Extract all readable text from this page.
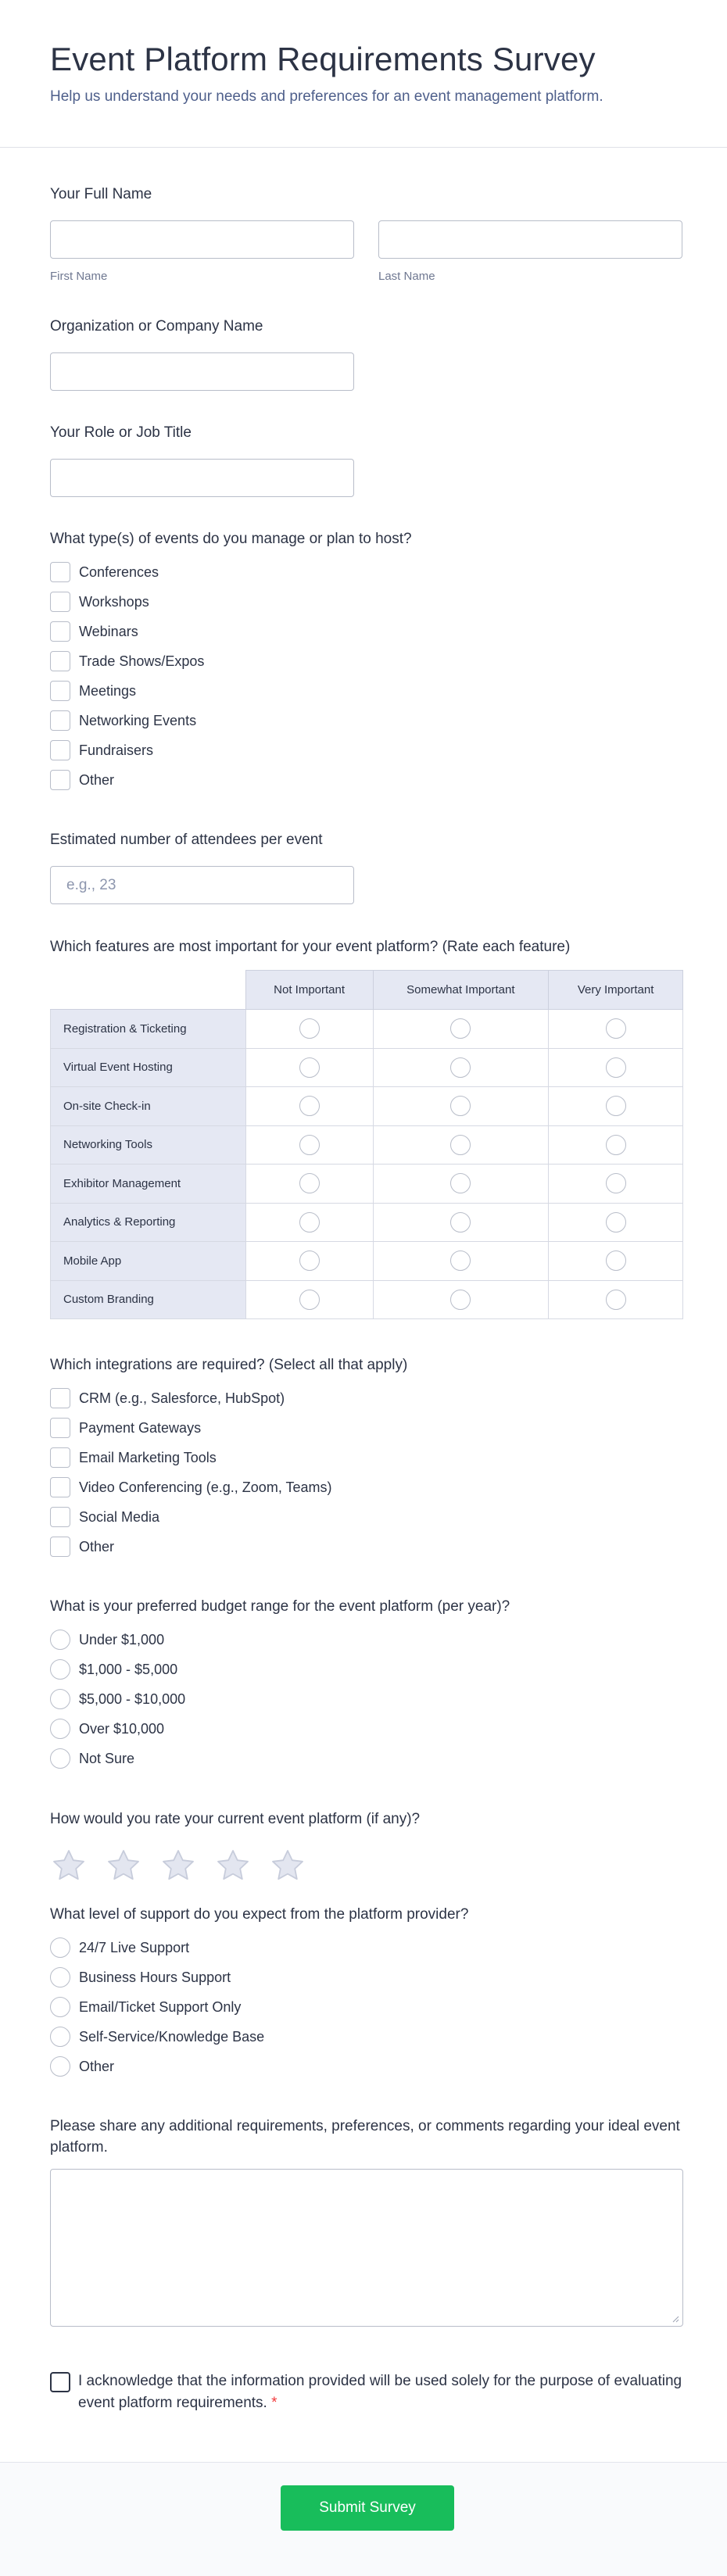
Event Platform Requirements Survey

Help us understand your needs and preferences for an event management platform.

Your Full Name
First Name	Last Name
Organization or Company Name
Your Role or Job Title
What type(s) of events do you manage or plan to host?
Conferences
Workshops
Webinars
Trade Shows/Expos
Meetings
Networking Events
Fundraisers
Other
Estimated number of attendees per event
e.g., 23
Which features are most important for your event platform? (Rate each feature)
	Not Important	Somewhat Important	Very Important
Registration & Ticketing			
Virtual Event Hosting			
On-site Check-in			
Networking Tools			
Exhibitor Management			
Analytics & Reporting			
Mobile App			
Custom Branding			
Which integrations are required? (Select all that apply)
CRM (e.g., Salesforce, HubSpot)
Payment Gateways
Email Marketing Tools
Video Conferencing (e.g., Zoom, Teams)
Social Media
Other
What is your preferred budget range for the event platform (per year)?
Under $1,000
$1,000 - $5,000
$5,000 - $10,000
Over $10,000
Not Sure
How would you rate your current event platform (if any)?
What level of support do you expect from the platform provider?
24/7 Live Support
Business Hours Support
Email/Ticket Support Only
Self-Service/Knowledge Base
Other
Please share any additional requirements, preferences, or comments regarding your ideal event platform.
I acknowledge that the information provided will be used solely for the purpose of evaluating event platform requirements. *
Submit Survey
